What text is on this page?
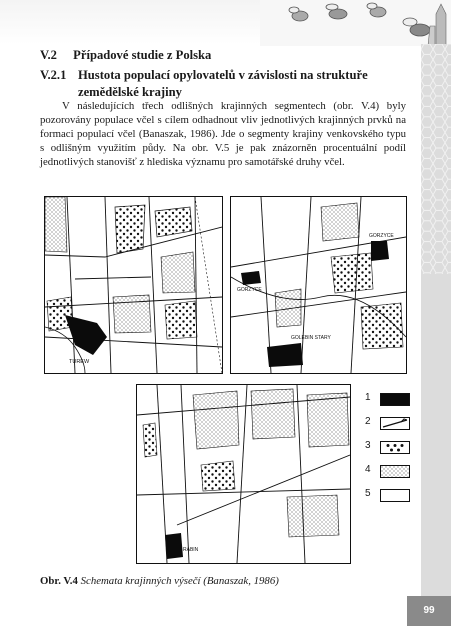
V.2 Případové studie z Polska
V.2.1 Hustota populací opylovatelů v závislosti na struktuře zemědělské krajiny

V následujících třech odlišných krajinných segmentech (obr. V.4) byly pozorovány populace včel s cílem odhadnout vliv jednotlivých krajinných prvků na formaci populací včel (Banaszak, 1986). Jde o segmenty krajiny venkovského typu s odlišným využitím půdy. Na obr. V.5 je pak znázorněn procentuální podíl jednotlivých stanovišť z hlediska významu pro samotářské druhy včel.

TUREW
GORZYCE
GORZYCE
GOLEBIN STARY
RABIN
1
2
3
4
5
Obr. V.4 Schemata krajinných výsečí (Banaszak, 1986)
99
